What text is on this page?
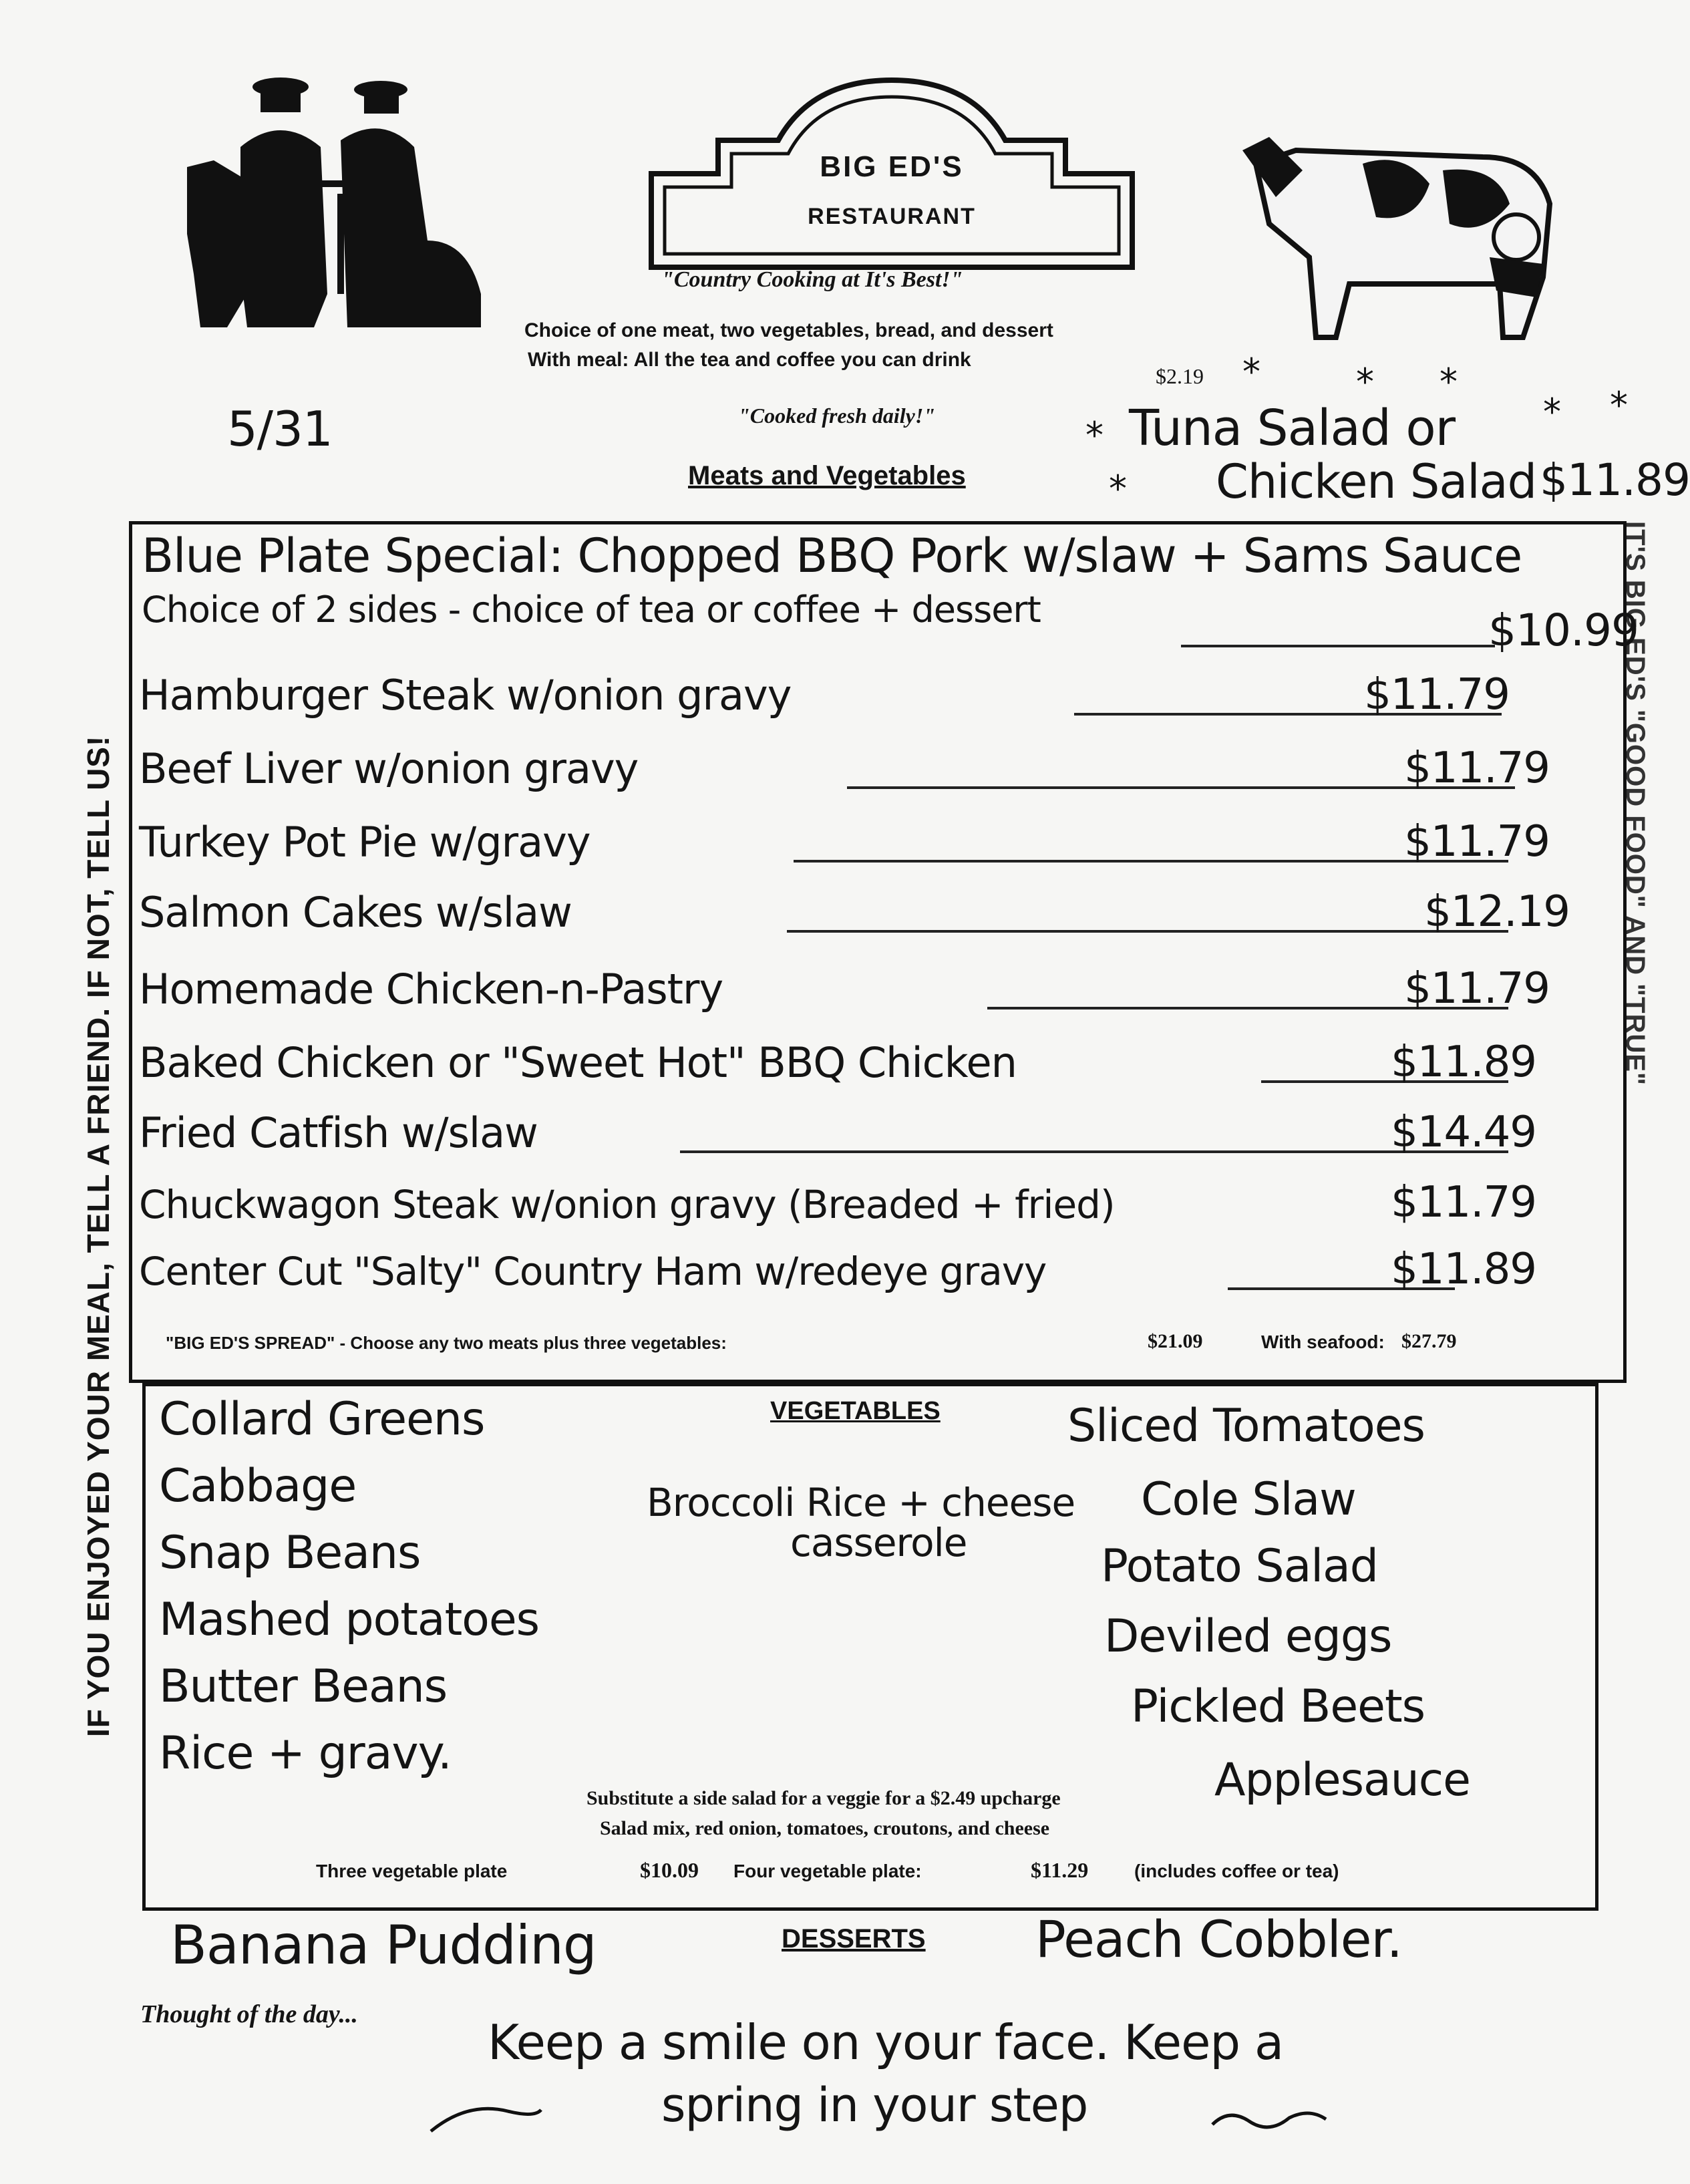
BIG ED'S
RESTAURANT
"Country Cooking at It's Best!"
Choice of one meat, two vegetables, bread, and dessert
With meal: All the tea and coffee you can drink
$2.19
"Cooked fresh daily!"
5/31	Tuna Salad or
Chicken Salad $11.89
*
*
*	* *
* *
Meats and Vegetables
IF YOU ENJOYED YOUR MEAL, TELL A FRIEND. IF NOT, TELL US!	IT'S BIG ED'S "GOOD FOOD" AND "TRUE"
Blue Plate Special: Chopped BBQ Pork w/slaw + Sams Sauce
Choice of 2 sides - choice of tea or coffee + dessert	$10.99
Hamburger Steak w/onion gravy	$11.79
Beef Liver w/onion gravy	$11.79
Turkey Pot Pie w/gravy	$11.79
Salmon Cakes w/slaw	$12.19
Homemade Chicken-n-Pastry	$11.79
Baked Chicken or "Sweet Hot" BBQ Chicken	$11.89
Fried Catfish w/slaw	$14.49
Chuckwagon Steak w/onion gravy (Breaded + fried)	$11.79
Center Cut "Salty" Country Ham w/redeye gravy	$11.89
"BIG ED'S SPREAD" - Choose any two meats plus three vegetables:	$21.09	With seafood: $27.79
VEGETABLES
Collard Greens
Cabbage
Snap Beans
Mashed potatoes
Butter Beans
Rice + gravy.
Broccoli Rice + cheese
casserole
Sliced Tomatoes
Cole Slaw
Potato Salad
Deviled eggs
Pickled Beets
Applesauce
Substitute a side salad for a veggie for a $2.49 upcharge
Salad mix, red onion, tomatoes, croutons, and cheese
Three vegetable plate	$10.09 Four vegetable plate:	$11.29 (includes coffee or tea)
Banana Pudding	DESSERTS Peach Cobbler.
Thought of the day...	Keep a smile on your face. Keep a
spring in your step
